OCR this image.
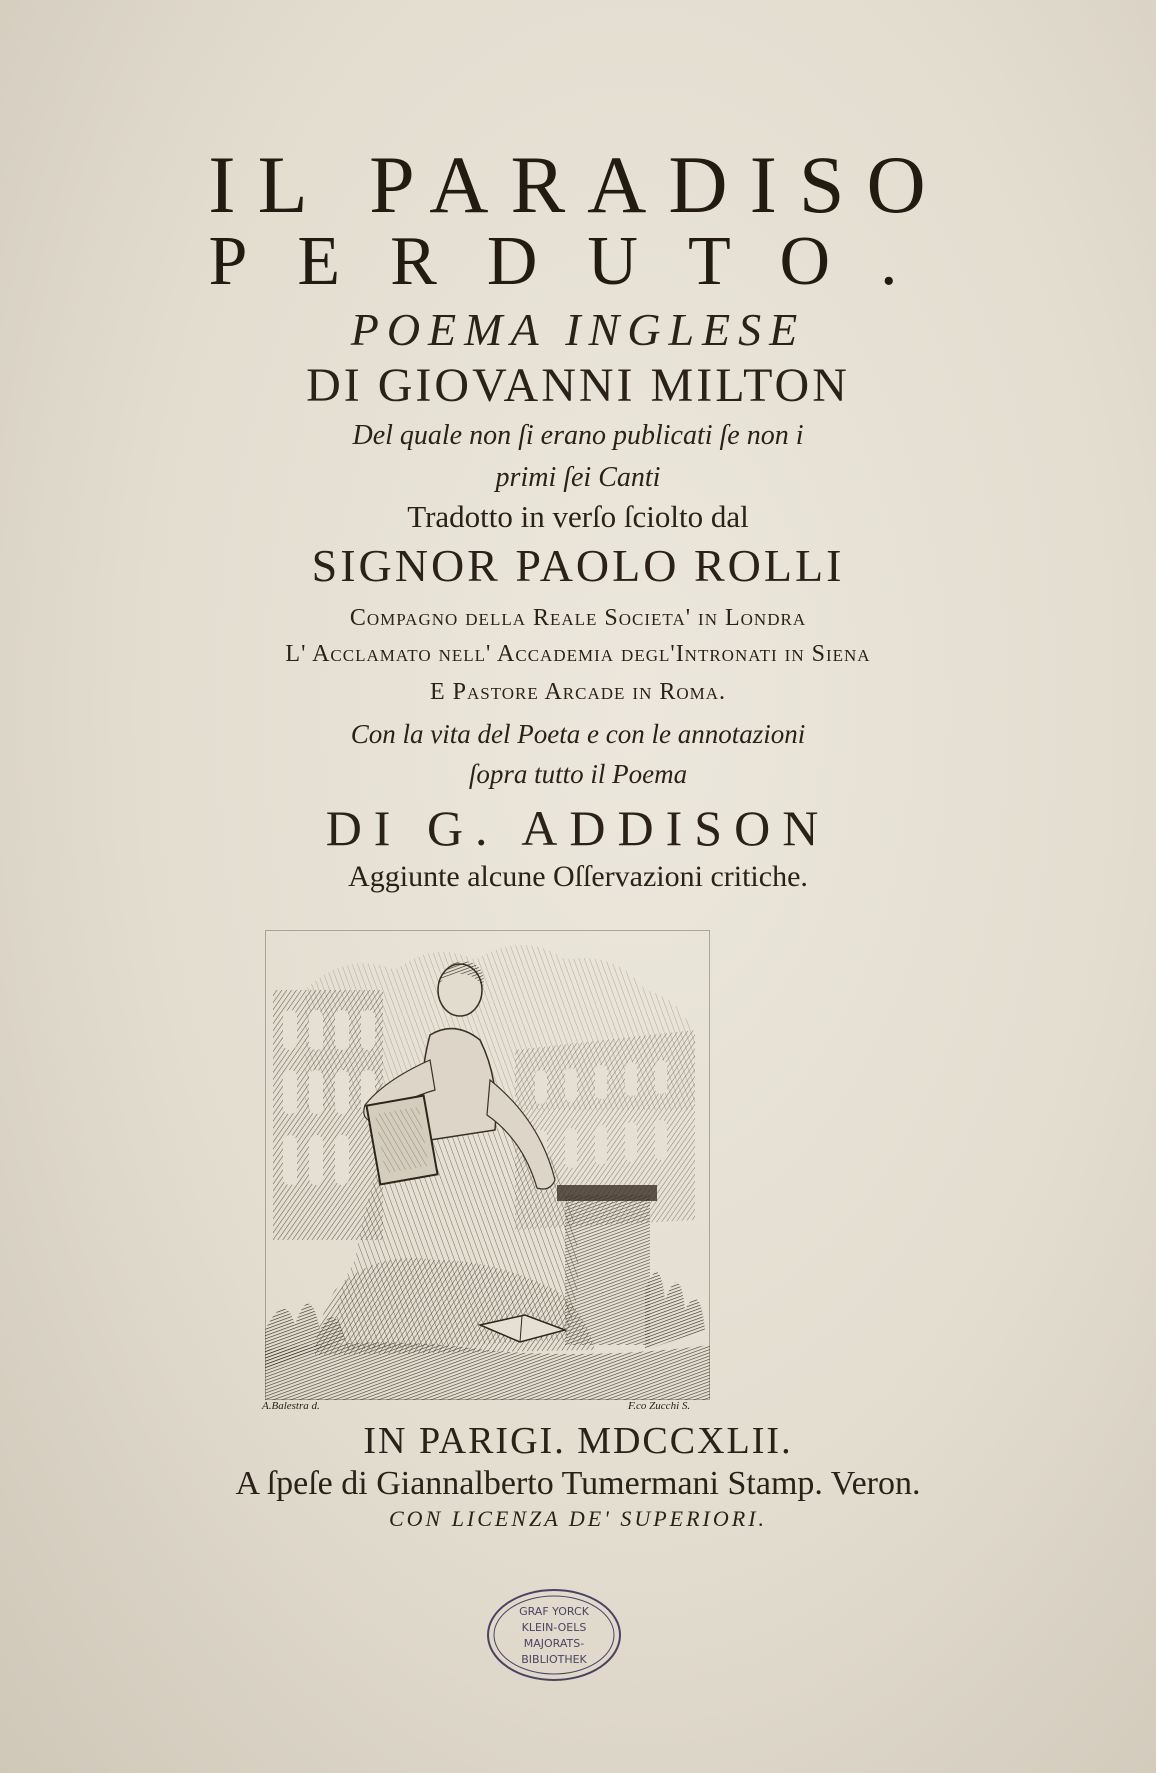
IL PARADISO
PERDUTO.
POEMA INGLESE
DI GIOVANNI MILTON
Del quale non ſi erano publicati ſe non i
primi ſei Canti
Tradotto in verſo ſciolto dal
SIGNOR PAOLO ROLLI
Compagno della Reale Societa' in Londra
L' Acclamato nell' Accademia degl'Intronati in Siena
E Pastore Arcade in Roma.
Con la vita del Poeta e con le annotazioni
ſopra tutto il Poema
DI G. ADDISON
Aggiunte alcune Oſſervazioni critiche.
A.Balestra d.	F.co Zucchi S.
IN PARIGI. MDCCXLII.
A ſpeſe di Giannalberto Tumermani Stamp. Veron.
CON LICENZA DE' SUPERIORI.
GRAF YORCK
KLEIN-OELS
MAJORATS-
BIBLIOTHEK
